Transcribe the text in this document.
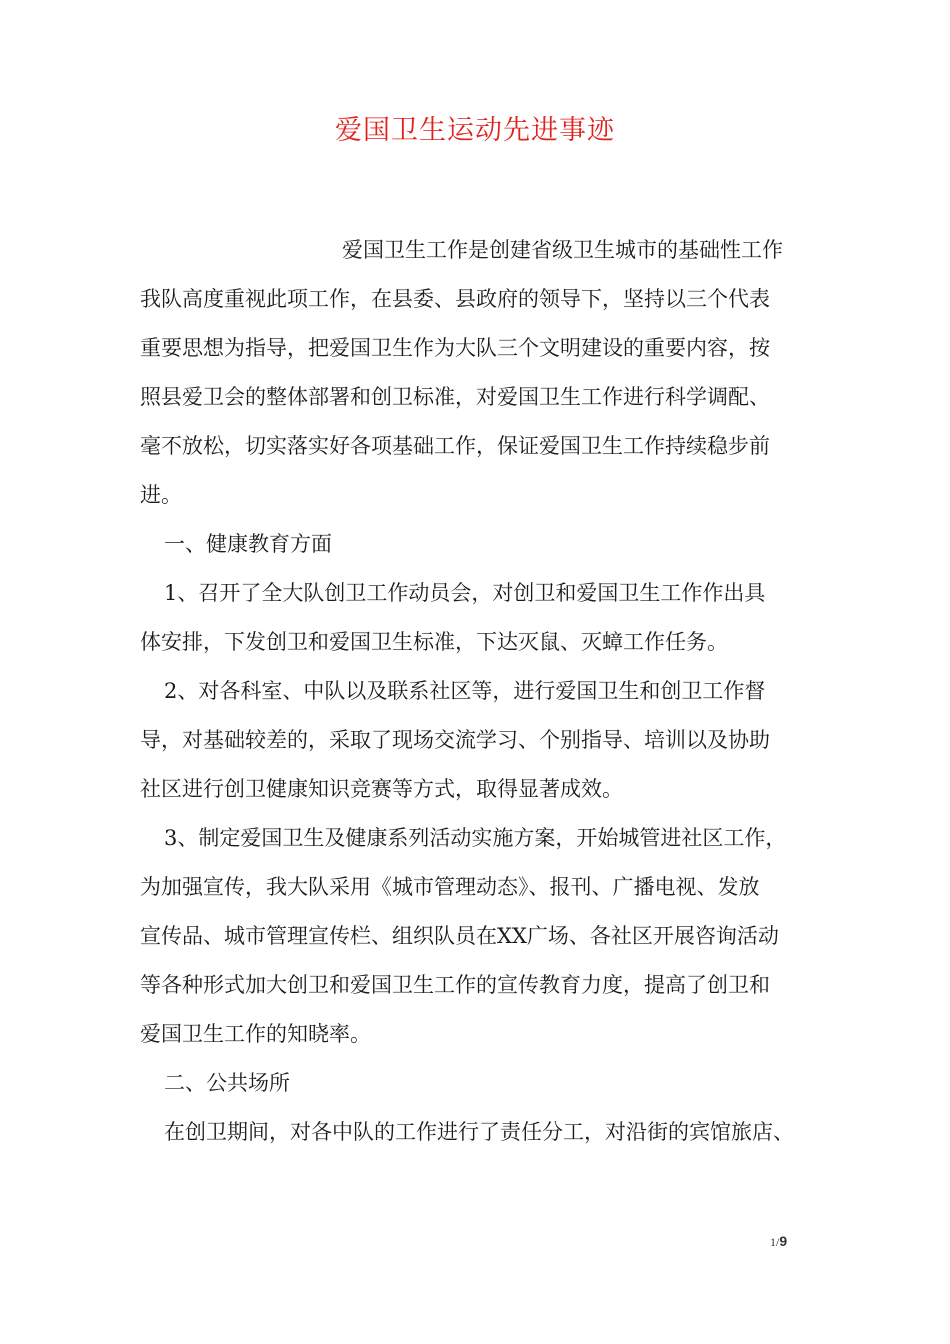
爱国卫生运动先进事迹
爱国卫生工作是创建省级卫生城市的基础性工作
我队高度重视此项工作，在县委、县政府的领导下，坚持以三个代表
重要思想为指导，把爱国卫生作为大队三个文明建设的重要内容，按
照县爱卫会的整体部署和创卫标准，对爱国卫生工作进行科学调配、
毫不放松，切实落实好各项基础工作，保证爱国卫生工作持续稳步前
进。
一、健康教育方面
1、召开了全大队创卫工作动员会，对创卫和爱国卫生工作作出具
体安排，下发创卫和爱国卫生标准，下达灭鼠、灭蟑工作任务。
2、对各科室、中队以及联系社区等，进行爱国卫生和创卫工作督
导，对基础较差的，采取了现场交流学习、个别指导、培训以及协助
社区进行创卫健康知识竞赛等方式，取得显著成效。
3、制定爱国卫生及健康系列活动实施方案，开始城管进社区工作，
为加强宣传，我大队采用《城市管理动态》、报刊、广播电视、发放
宣传品、城市管理宣传栏、组织队员在XX广场、各社区开展咨询活动
等各种形式加大创卫和爱国卫生工作的宣传教育力度，提高了创卫和
爱国卫生工作的知晓率。
二、公共场所
在创卫期间，对各中队的工作进行了责任分工，对沿街的宾馆旅店、
1/9
